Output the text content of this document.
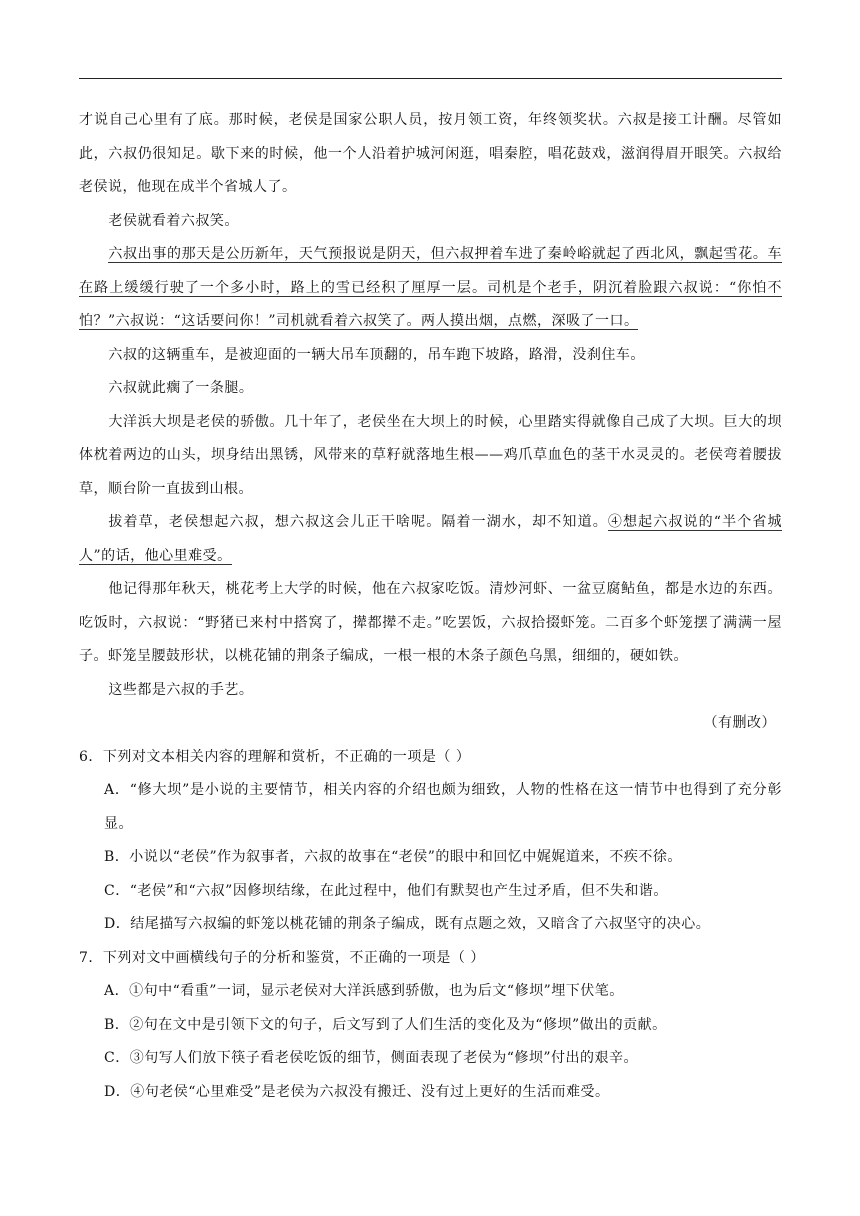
才说自己心里有了底。那时候，老侯是国家公职人员，按月领工资，年终领奖状。六叔是接工计酬。尽管如此，六叔仍很知足。歇下来的时候，他一个人沿着护城河闲逛，唱秦腔，唱花鼓戏，滋润得眉开眼笑。六叔给老侯说，他现在成半个省城人了。

老侯就看着六叔笑。

六叔出事的那天是公历新年，天气预报说是阴天，但六叔押着车进了秦岭峪就起了西北风，飘起雪花。车在路上缓缓行驶了一个多小时，路上的雪已经积了厘厚一层。司机是个老手，阴沉着脸跟六叔说：“你怕不怕？”六叔说：“这话要问你！”司机就看着六叔笑了。两人摸出烟，点燃，深吸了一口。

六叔的这辆重车，是被迎面的一辆大吊车顶翻的，吊车跑下坡路，路滑，没刹住车。

六叔就此瘸了一条腿。

大洋浜大坝是老侯的骄傲。几十年了，老侯坐在大坝上的时候，心里踏实得就像自己成了大坝。巨大的坝体枕着两边的山头，坝身结出黑锈，风带来的草籽就落地生根——鸡爪草血色的茎干水灵灵的。老侯弯着腰拔草，顺台阶一直拔到山根。

拔着草，老侯想起六叔，想六叔这会儿正干啥呢。隔着一湖水，却不知道。④想起六叔说的“半个省城人”的话，他心里难受。

他记得那年秋天，桃花考上大学的时候，他在六叔家吃饭。清炒河虾、一盆豆腐鲇鱼，都是水边的东西。吃饭时，六叔说：“野猪已来村中搭窝了，撵都撵不走。”吃罢饭，六叔拾掇虾笼。二百多个虾笼摆了满满一屋子。虾笼呈腰鼓形状，以桃花铺的荆条子编成，一根一根的木条子颜色乌黑，细细的，硬如铁。

这些都是六叔的手艺。

（有删改）

6．下列对文本相关内容的理解和赏析，不正确的一项是（ ）

A．“修大坝”是小说的主要情节，相关内容的介绍也颇为细致，人物的性格在这一情节中也得到了充分彰显。

B．小说以“老侯”作为叙事者，六叔的故事在“老侯”的眼中和回忆中娓娓道来，不疾不徐。

C．“老侯”和“六叔”因修坝结缘，在此过程中，他们有默契也产生过矛盾，但不失和谐。

D．结尾描写六叔编的虾笼以桃花铺的荆条子编成，既有点题之效，又暗含了六叔坚守的决心。

7．下列对文中画横线句子的分析和鉴赏，不正确的一项是（ ）

A．①句中“看重”一词，显示老侯对大洋浜感到骄傲，也为后文“修坝”埋下伏笔。

B．②句在文中是引领下文的句子，后文写到了人们生活的变化及为“修坝”做出的贡献。

C．③句写人们放下筷子看老侯吃饭的细节，侧面表现了老侯为“修坝”付出的艰辛。

D．④句老侯“心里难受”是老侯为六叔没有搬迁、没有过上更好的生活而难受。
